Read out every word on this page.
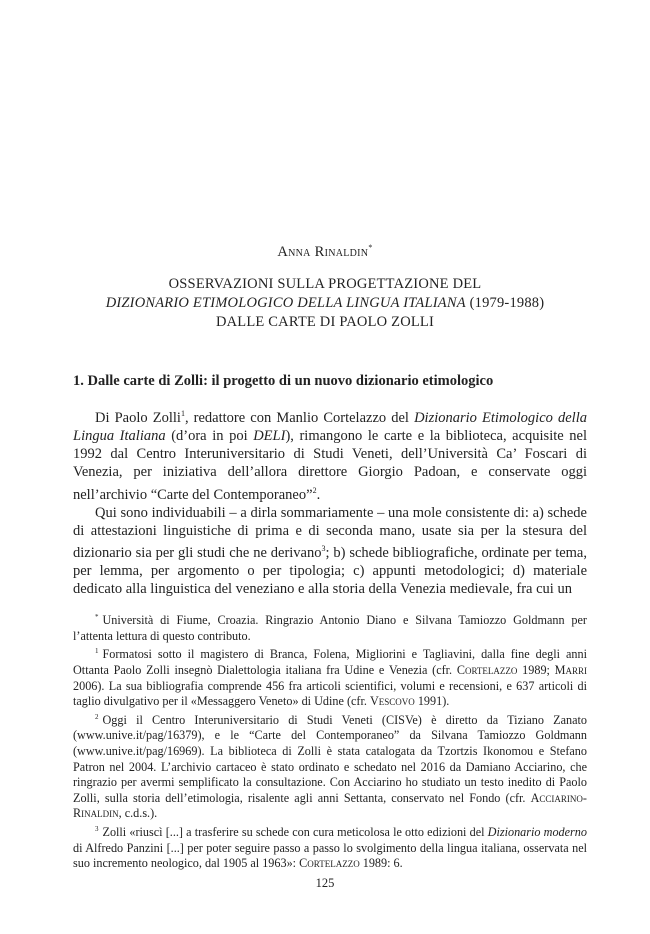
Anna Rinaldin*
OSSERVAZIONI SULLA PROGETTAZIONE DEL
DIZIONARIO ETIMOLOGICO DELLA LINGUA ITALIANA (1979-1988)
DALLE CARTE DI PAOLO ZOLLI
1. Dalle carte di Zolli: il progetto di un nuovo dizionario etimologico

Di Paolo Zolli$^1$, redattore con Manlio Cortelazzo del Dizionario Etimologico della Lingua Italiana (d’ora in poi DELI), rimangono le carte e la biblioteca, acquisite nel 1992 dal Centro Interuniversitario di Studi Veneti, dell’Università Ca’ Foscari di Venezia, per iniziativa dell’allora direttore Giorgio Padoan, e conservate oggi nell’archivio “Carte del Contemporaneo”$^2$.

Qui sono individuabili – a dirla sommariamente – una mole consistente di: a) schede di attestazioni linguistiche di prima e di seconda mano, usate sia per la stesura del dizionario sia per gli studi che ne derivano$^3$; b) schede bibliografiche, ordinate per tema, per lemma, per argomento o per tipologia; c) appunti metodologici; d) materiale dedicato alla linguistica del veneziano e alla storia della Venezia medievale, fra cui un

* Università di Fiume, Croazia. Ringrazio Antonio Diano e Silvana Tamiozzo Goldmann per l’attenta lettura di questo contributo.

$^1$ Formatosi sotto il magistero di Branca, Folena, Migliorini e Tagliavini, dalla fine degli anni Ottanta Paolo Zolli insegnò Dialettologia italiana fra Udine e Venezia (cfr. Cortelazzo 1989; Marri 2006). La sua bibliografia comprende 456 fra articoli scientifici, volumi e recensioni, e 637 articoli di taglio divulgativo per il «Messaggero Veneto» di Udine (cfr. Vescovo 1991).

$^2$ Oggi il Centro Interuniversitario di Studi Veneti (CISVe) è diretto da Tiziano Zanato (www.unive.it/pag/16379), e le “Carte del Contemporaneo” da Silvana Tamiozzo Goldmann (www.unive.it/pag/16969). La biblioteca di Zolli è stata catalogata da Tzortzis Ikonomou e Stefano Patron nel 2004. L’archivio cartaceo è stato ordinato e schedato nel 2016 da Damiano Acciarino, che ringrazio per avermi semplificato la consultazione. Con Acciarino ho studiato un testo inedito di Paolo Zolli, sulla storia dell’etimologia, risalente agli anni Settanta, conservato nel Fondo (cfr. Acciarino-Rinaldin, c.d.s.).

$^3$ Zolli «riuscì [...] a trasferire su schede con cura meticolosa le otto edizioni del Dizionario moderno di Alfredo Panzini [...] per poter seguire passo a passo lo svolgimento della lingua italiana, osservata nel suo incremento neologico, dal 1905 al 1963»: Cortelazzo 1989: 6.

125
